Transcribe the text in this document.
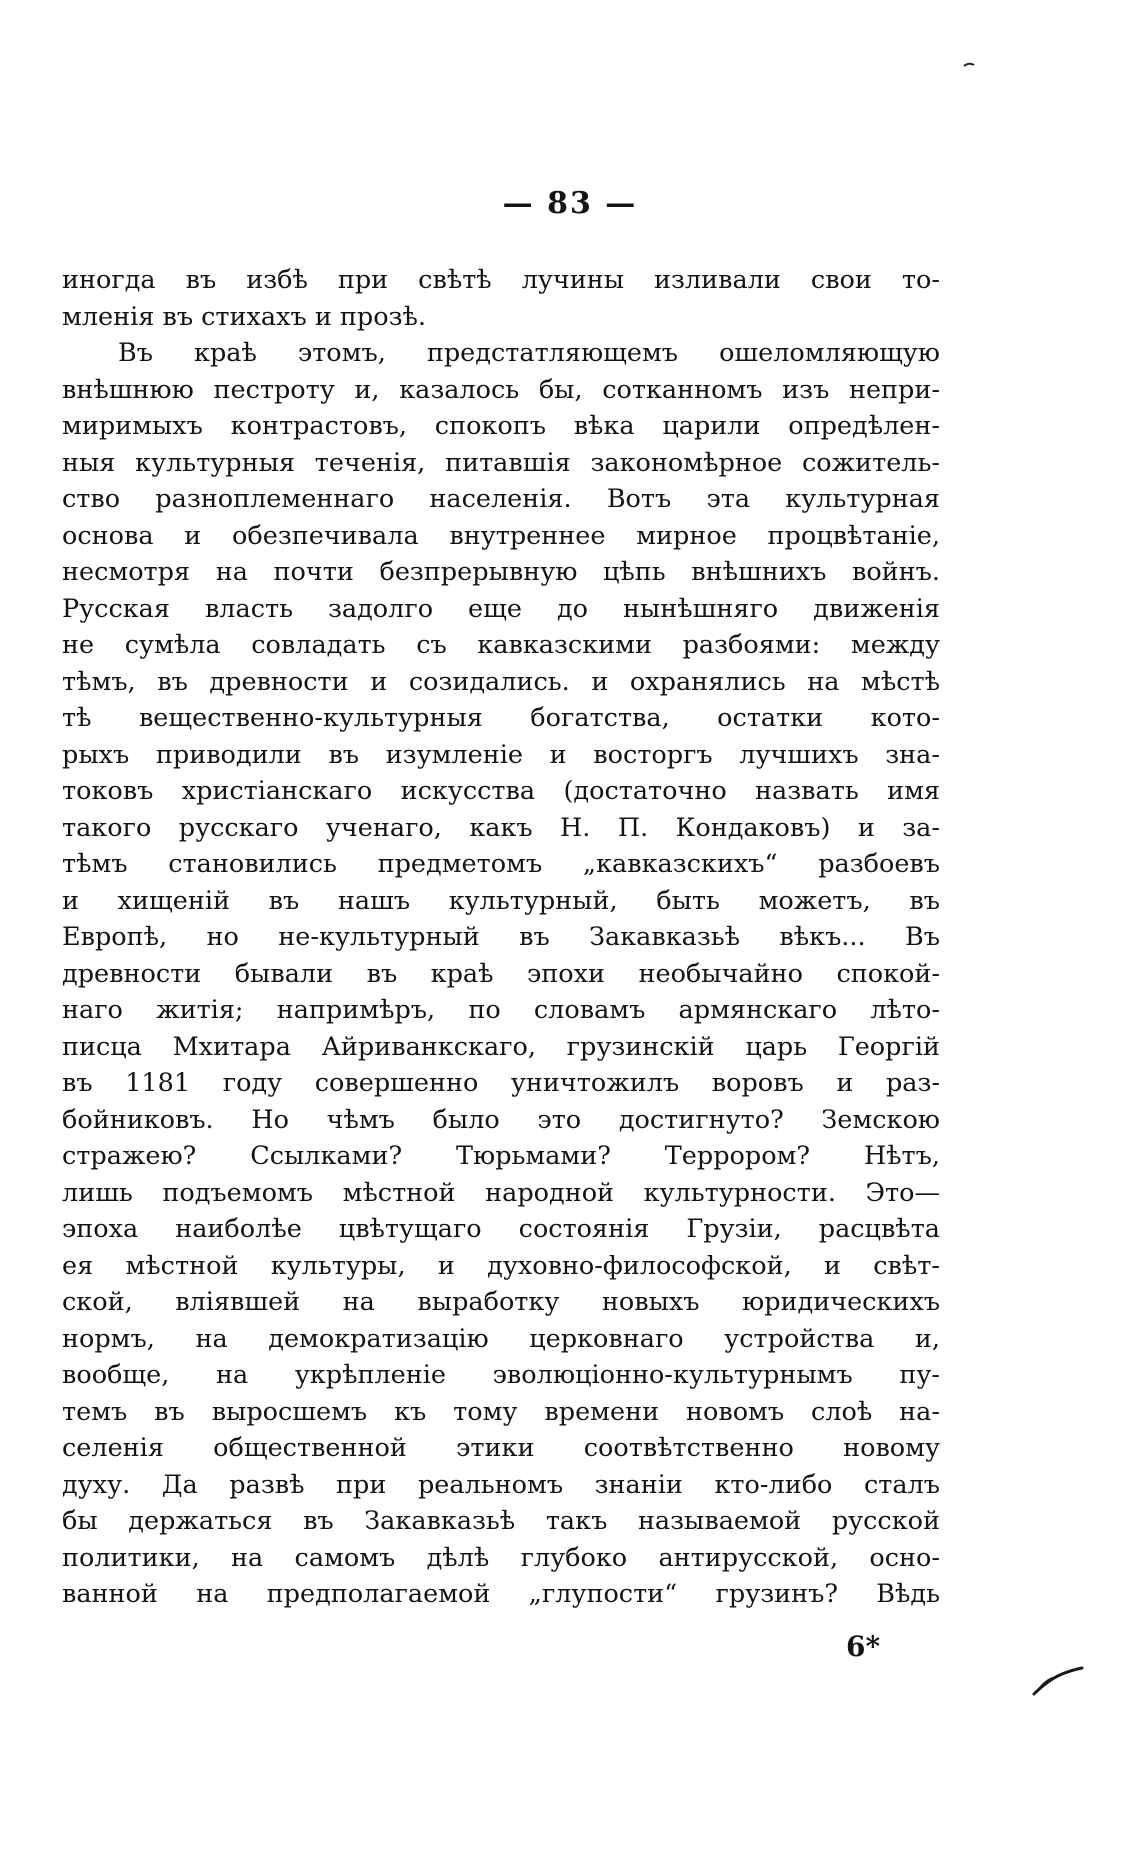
— 83 —
иногда въ избѣ при свѣтѣ лучины изливали свои то-
мленія въ стихахъ и прозѣ.
Въ краѣ этомъ, предстатляющемъ ошеломляющую
внѣшнюю пестроту и, казалось бы, сотканномъ изъ непри-
миримыхъ контрастовъ, спокопъ вѣка царили опредѣлен-
ныя культурныя теченія, питавшія закономѣрное сожитель-
ство разноплеменнаго населенія. Вотъ эта культурная
основа и обезпечивала внутреннее мирное процвѣтаніе,
несмотря на почти безпрерывную цѣпь внѣшнихъ войнъ.
Русская власть задолго еще до нынѣшняго движенія
не сумѣла совладать съ кавказскими разбоями: между
тѣмъ, въ древности и созидались. и охранялись на мѣстѣ
тѣ вещественно-культурныя богатства, остатки кото-
рыхъ приводили въ изумленіе и восторгъ лучшихъ зна-
токовъ христіанскаго искусства (достаточно назвать имя
такого русскаго ученаго, какъ Н. П. Кондаковъ) и за-
тѣмъ становились предметомъ „кавказскихъ“ разбоевъ
и хищеній въ нашъ культурный, быть можетъ, въ
Европѣ, но не-культурный въ Закавказьѣ вѣкъ... Въ
древности бывали въ краѣ эпохи необычайно спокой-
наго житія; напримѣръ, по словамъ армянскаго лѣто-
писца Мхитара Айриванкскаго, грузинскій царь Георгій
въ 1181 году совершенно уничтожилъ воровъ и раз-
бойниковъ. Но чѣмъ было это достигнуто? Земскою
стражею? Ссылками? Тюрьмами? Террором? Нѣтъ,
лишь подъемомъ мѣстной народной культурности. Это—
эпоха наиболѣе цвѣтущаго состоянія Грузіи, расцвѣта
ея мѣстной культуры, и духовно-философской, и свѣт-
ской, вліявшей на выработку новыхъ юридическихъ
нормъ, на демократизацію церковнаго устройства и,
вообще, на укрѣпленіе эволюціонно-культурнымъ пу-
темъ въ выросшемъ къ тому времени новомъ слоѣ на-
селенія общественной этики соотвѣтственно новому
духу. Да развѣ при реальномъ знаніи кто-либо сталъ
бы держаться въ Закавказьѣ такъ называемой русской
политики, на самомъ дѣлѣ глубоко антирусской, осно-
ванной на предполагаемой „глупости“ грузинъ? Вѣдь
6*
